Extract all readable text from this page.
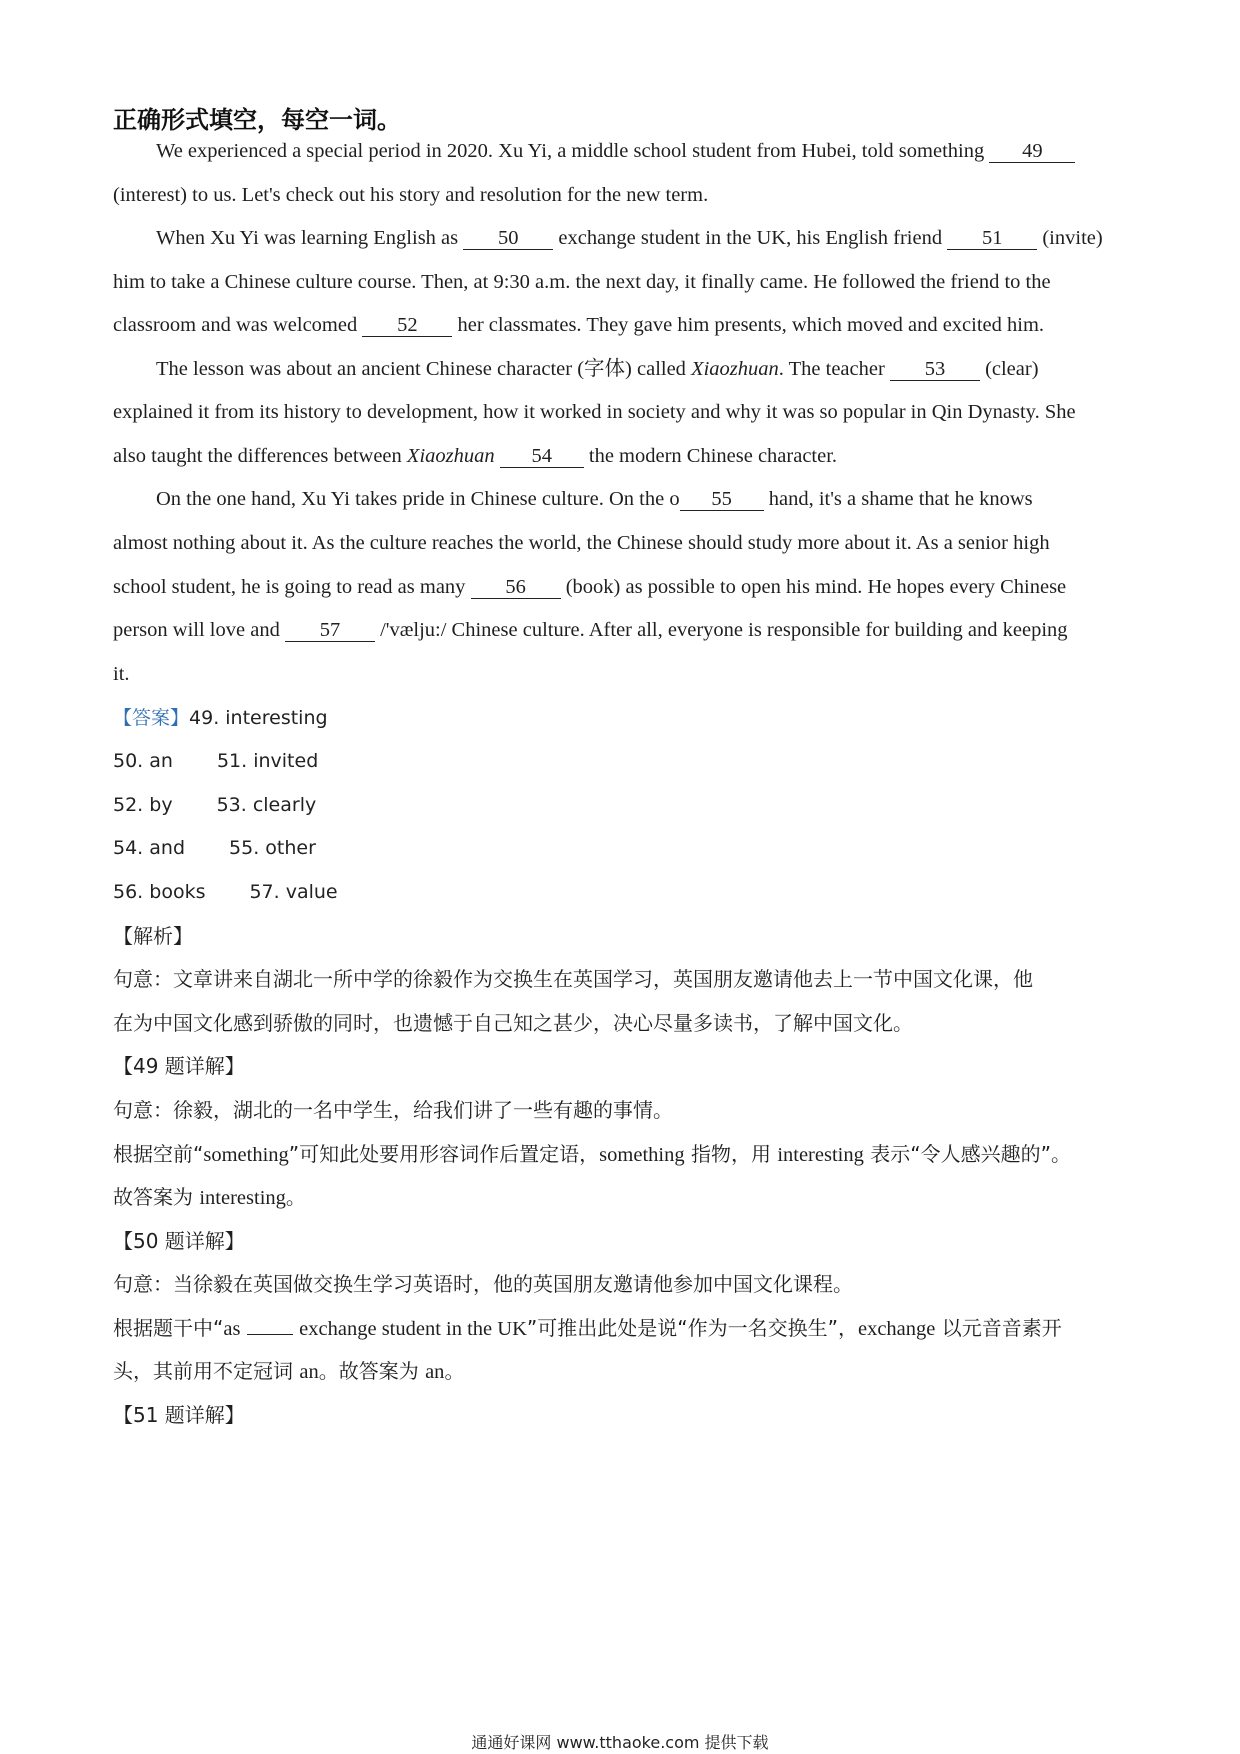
正确形式填空，每空一词。
We experienced a special period in 2020. Xu Yi, a middle school student from Hubei, told something 49
(interest) to us. Let's check out his story and resolution for the new term.
When Xu Yi was learning English as 50 exchange student in the UK, his English friend 51 (invite)
him to take a Chinese culture course. Then, at 9:30 a.m. the next day, it finally came. He followed the friend to the
classroom and was welcomed 52 her classmates. They gave him presents, which moved and excited him.
The lesson was about an ancient Chinese character (字体) called Xiaozhuan. The teacher 53 (clear)
explained it from its history to development, how it worked in society and why it was so popular in Qin Dynasty. She
also taught the differences between Xiaozhuan 54 the modern Chinese character.
On the one hand, Xu Yi takes pride in Chinese culture. On the o 55 hand, it's a shame that he knows
almost nothing about it. As the culture reaches the world, the Chinese should study more about it. As a senior high
school student, he is going to read as many 56 (book) as possible to open his mind. He hopes every Chinese
person will love and 57 /'vælju:/ Chinese culture. After all, everyone is responsible for building and keeping
it.
【答案】49. interesting
50. an 51. invited
52. by 53. clearly
54. and 55. other
56. books 57. value
【解析】
句意：文章讲来自湖北一所中学的徐毅作为交换生在英国学习，英国朋友邀请他去上一节中国文化课，他
在为中国文化感到骄傲的同时，也遗憾于自己知之甚少，决心尽量多读书，了解中国文化。
【49 题详解】
句意：徐毅，湖北的一名中学生，给我们讲了一些有趣的事情。
根据空前“something”可知此处要用形容词作后置定语，something 指物，用 interesting 表示“令人感兴趣的”。
故答案为 interesting。
【50 题详解】
句意：当徐毅在英国做交换生学习英语时，他的英国朋友邀请他参加中国文化课程。
根据题干中“as	exchange student in the UK”可推出此处是说“作为一名交换生”，exchange 以元音音素开
头，其前用不定冠词 an。故答案为 an。
【51 题详解】
通通好课网 www.tthaoke.com 提供下载
